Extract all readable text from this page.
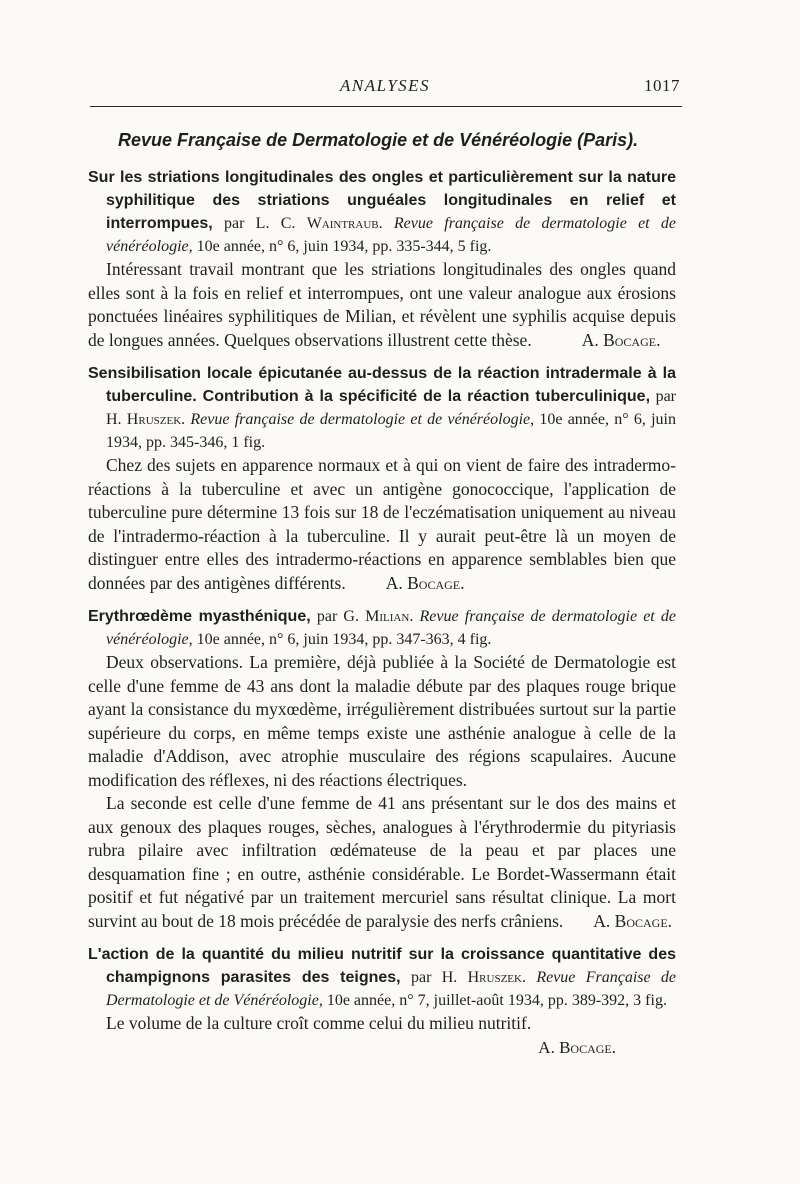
ANALYSES	1017

Revue Française de Dermatologie et de Vénéréologie (Paris).

Sur les striations longitudinales des ongles et particulièrement sur la nature syphilitique des striations unguéales longitudinales en relief et interrompues, par L. C. Waintraub. Revue française de dermatologie et de vénéréologie, 10e année, n° 6, juin 1934, pp. 335-344, 5 fig.

Intéressant travail montrant que les striations longitudinales des ongles quand elles sont à la fois en relief et interrompues, ont une valeur analogue aux érosions ponctuées linéaires syphilitiques de Milian, et révèlent une syphilis acquise depuis de longues années. Quelques observations illustrent cette thèse.	A. Bocage.

Sensibilisation locale épicutanée au-dessus de la réaction intradermale à la tuberculine. Contribution à la spécificité de la réaction tuberculinique, par H. Hruszek. Revue française de dermatologie et de vénéréologie, 10e année, n° 6, juin 1934, pp. 345-346, 1 fig.

Chez des sujets en apparence normaux et à qui on vient de faire des intradermo-réactions à la tuberculine et avec un antigène gonococcique, l'application de tuberculine pure détermine 13 fois sur 18 de l'eczématisation uniquement au niveau de l'intradermo-réaction à la tuberculine. Il y aurait peut-être là un moyen de distinguer entre elles des intradermo-réactions en apparence semblables bien que données par des antigènes différents. A. Bocage.

Erythrœdème myasthénique, par G. Milian. Revue française de dermatologie et de vénéréologie, 10e année, n° 6, juin 1934, pp. 347-363, 4 fig.

Deux observations. La première, déjà publiée à la Société de Dermatologie est celle d'une femme de 43 ans dont la maladie débute par des plaques rouge brique ayant la consistance du myxœdème, irrégulièrement distribuées surtout sur la partie supérieure du corps, en même temps existe une asthénie analogue à celle de la maladie d'Addison, avec atrophie musculaire des régions scapulaires. Aucune modification des réflexes, ni des réactions électriques.

La seconde est celle d'une femme de 41 ans présentant sur le dos des mains et aux genoux des plaques rouges, sèches, analogues à l'érythrodermie du pityriasis rubra pilaire avec infiltration œdémateuse de la peau et par places une desquamation fine ; en outre, asthénie considérable. Le Bordet-Wassermann était positif et fut négativé par un traitement mercuriel sans résultat clinique. La mort survint au bout de 18 mois précédée de paralysie des nerfs crâniens. A. Bocage.

L'action de la quantité du milieu nutritif sur la croissance quantitative des champignons parasites des teignes, par H. Hruszek. Revue Française de Dermatologie et de Vénéréologie, 10e année, n° 7, juillet-août 1934, pp. 389-392, 3 fig.

Le volume de la culture croît comme celui du milieu nutritif.

A. Bocage.
